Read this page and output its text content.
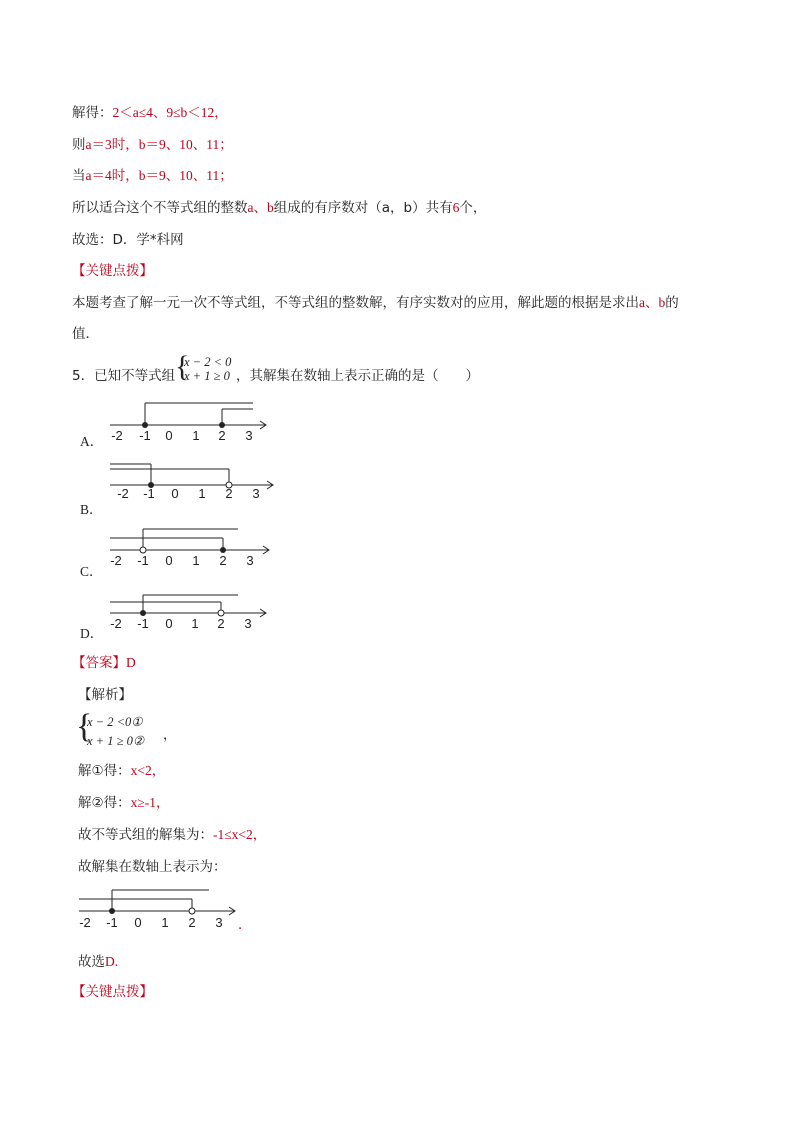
解得：2＜a≤4、9≤b＜12，
则a＝3时，b＝9、10、11；
当a＝4时，b＝9、10、11；
所以适合这个不等式组的整数a、b组成的有序数对（a，b）共有6个，
故选：D．学*科网
【关键点拨】
本题考查了解一元一次不等式组，不等式组的整数解，有序实数对的应用，解此题的根据是求出a、b的
值．
5．已知不等式组 {
x − 2 < 0
x + 1 ≥ 0 ，其解集在数轴上表示正确的是（　　）
-2 -1 0 1 2 3
A．
-2 -1 0 1 2 3
B．
-2 -1 0 1 2 3
C．
-2 -1 0 1 2 3
D．
【答案】D
【解析】
{
x − 2 <0①
x + 1 ≥ 0② ，
解①得：x<2，
解②得：x≥-1，
故不等式组的解集为：-1≤x<2，
故解集在数轴上表示为：
-2 -1 0 1 2 3 ．
故选D.
【关键点拨】
